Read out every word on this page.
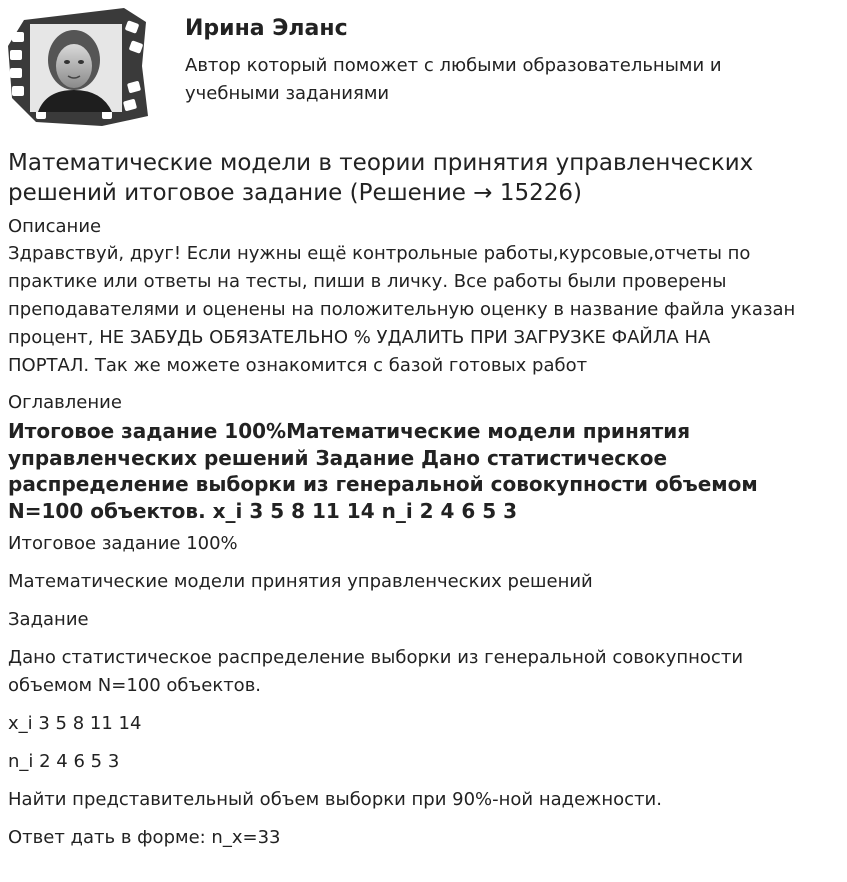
Ирина Эланс
Автор который поможет с любыми образовательными и
учебными заданиями
Математические модели в теории принятия управленческих
решений итоговое задание (Решение → 15226)
Описание
Здравствуй, друг! Если нужны ещё контрольные работы,курсовые,отчеты по
практике или ответы на тесты, пиши в личку. Все работы были проверены
преподавателями и оценены на положительную оценку в название файла указан
процент, НЕ ЗАБУДЬ ОБЯЗАТЕЛЬНО % УДАЛИТЬ ПРИ ЗАГРУЗКЕ ФАЙЛА НА
ПОРТАЛ. Так же можете ознакомится с базой готовых работ
Оглавление
Итоговое задание 100%Математические модели принятия
управленческих решений Задание Дано статистическое
распределение выборки из генеральной совокупности объемом
N=100 объектов. x_i 3 5 8 11 14 n_i 2 4 6 5 3
Итоговое задание 100%
Математические модели принятия управленческих решений
Задание
Дано статистическое распределение выборки из генеральной совокупности
объемом N=100 объектов.
x_i 3 5 8 11 14
n_i 2 4 6 5 3
Найти представительный объем выборки при 90%-ной надежности.
Ответ дать в форме: n_x=33
